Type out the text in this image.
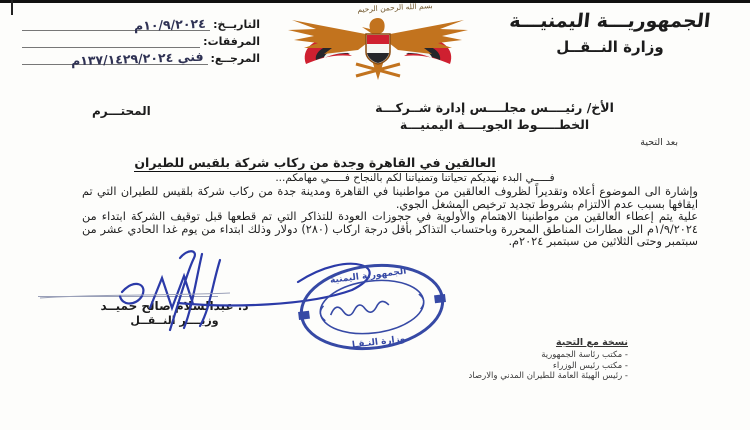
بسم الله الرحمن الرحيم
الجمهوريـــة اليمنيـــة
وزارة النــقــل
التاريــخ:
١٠/٩/٢٠٢٤م
المرفقات:
المرجــع:
فني ١٣٧/١٤٢٩/٢٠٢٤م
الأخ/ رئيــــس مجلــــس إدارة شــركـــة
الخطـــــوط الجويــــة اليمنيـــة
المحتـــرم
بعد التحية
العالقين في القاهرة وجدة من ركاب شركة بلقيس للطيران
فـــــي البدء نهديكم تحياتنا وتمنياتنا لكم بالنجاح فـــــي مهامكم...

وإشارة الى الموضوع أعلاه وتقديراً لظروف العالقين من مواطنينا في القاهرة ومدينة جدة من ركاب شركة بلقيس للطيران التي تم ايقافها بسبب عدم الالتزام بشروط تجديد ترخيص المشغل الجوي.

علية يتم إعطاء العالقين من مواطنينا الاهتمام والأولوية في حجوزات العودة للتذاكر التي تم قطعها قبل توقيف الشركة ابتداء من ١/٩/٢٠٢٤م الى مطارات المناطق المحررة وباحتساب التذاكر بأقل درجة اركاب (٢٨٠) دولار وذلك ابتداء من يوم غدا الحادي عشر من سبتمبر وحتى الثلاثين من سبتمبر ٢٠٢٤م.

د. عبدالسلام صالح حميــد
وزيــــر النــقــل
الجمهورية اليمنية
وزارة النـقـل	نسخة مع التحية
- مكتب رئاسة الجمهورية
- مكتب رئيس الوزراء
- رئيس الهيئة العامة للطيران المدني والارصاد
